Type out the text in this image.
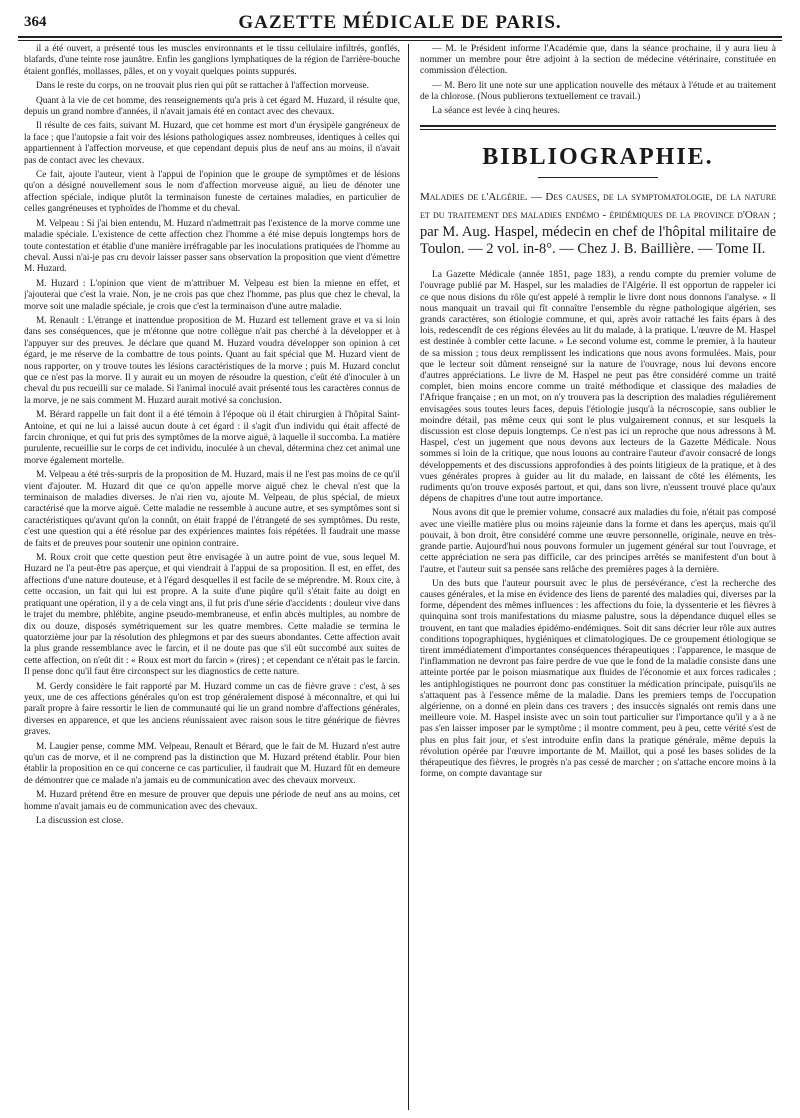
364	GAZETTE MÉDICALE DE PARIS.

il a été ouvert, a présenté tous les muscles environnants et le tissu cellulaire infiltrés, gonflés, blafards, d'une teinte rose jaunâtre. Enfin les ganglions lymphatiques de la région de l'arrière-bouche étaient gonflés, mollasses, pâles, et on y voyait quelques points suppurés.

Dans le reste du corps, on ne trouvait plus rien qui pût se rattacher à l'affection morveuse.

Quant à la vie de cet homme, des renseignements qu'a pris à cet égard M. Huzard, il résulte que, depuis un grand nombre d'années, il n'avait jamais été en contact avec des chevaux.

Il résulte de ces faits, suivant M. Huzard, que cet homme est mort d'un érysipèle gangréneux de la face ; que l'autopsie a fait voir des lésions pathologiques assez nombreuses, identiques à celles qui appartiennent à l'affection morveuse, et que cependant depuis plus de neuf ans au moins, il n'avait pas de contact avec les chevaux.

Ce fait, ajoute l'auteur, vient à l'appui de l'opinion que le groupe de symptômes et de lésions qu'on a désigné nouvellement sous le nom d'affection morveuse aiguë, au lieu de dénoter une affection spéciale, indique plutôt la terminaison funeste de certaines maladies, en particulier de celles gangréneuses et typhoïdes de l'homme et du cheval.

M. Velpeau : Si j'ai bien entendu, M. Huzard n'admettrait pas l'existence de la morve comme une maladie spéciale. L'existence de cette affection chez l'homme a été mise depuis longtemps hors de toute contestation et établie d'une manière irréfragable par les inoculations pratiquées de l'homme au cheval. Aussi n'ai-je pas cru devoir laisser passer sans observation la proposition que vient d'émettre M. Huzard.

M. Huzard : L'opinion que vient de m'attribuer M. Velpeau est bien la mienne en effet, et j'ajouterai que c'est la vraie. Non, je ne crois pas que chez l'homme, pas plus que chez le cheval, la morve soit une maladie spéciale, je crois que c'est la terminaison d'une autre maladie.

M. Renault : L'étrange et inattendue proposition de M. Huzard est tellement grave et va si loin dans ses conséquences, que je m'étonne que notre collègue n'ait pas cherché à la développer et à l'appuyer sur des preuves. Je déclare que quand M. Huzard voudra développer son opinion à cet égard, je me réserve de la combattre de tous points. Quant au fait spécial que M. Huzard vient de nous rapporter, on y trouve toutes les lésions caractéristiques de la morve ; puis M. Huzard conclut que ce n'est pas la morve. Il y aurait eu un moyen de résoudre la question, c'eût été d'inoculer à un cheval du pus recueilli sur ce malade. Si l'animal inoculé avait présenté tous les caractères connus de la morve, je ne sais comment M. Huzard aurait motivé sa conclusion.

M. Bérard rappelle un fait dont il a été témoin à l'époque où il était chirurgien à l'hôpital Saint-Antoine, et qui ne lui a laissé aucun doute à cet égard : il s'agit d'un individu qui était affecté de farcin chronique, et qui fut pris des symptômes de la morve aiguë, à laquelle il succomba. La matière purulente, recueillie sur le corps de cet individu, inoculée à un cheval, détermina chez cet animal une morve également mortelle.

M. Velpeau a été très-surpris de la proposition de M. Huzard, mais il ne l'est pas moins de ce qu'il vient d'ajouter. M. Huzard dit que ce qu'on appelle morve aiguë chez le cheval n'est que la terminaison de maladies diverses. Je n'ai rien vu, ajoute M. Velpeau, de plus spécial, de mieux caractérisé que la morve aiguë. Cette maladie ne ressemble à aucune autre, et ses symptômes sont si caractéristiques qu'avant qu'on la connût, on était frappé de l'étrangeté de ses symptômes. Du reste, c'est une question qui a été résolue par des expériences maintes fois répétées. Il faudrait une masse de faits et de preuves pour soutenir une opinion contraire.

M. Roux croit que cette question peut être envisagée à un autre point de vue, sous lequel M. Huzard ne l'a peut-être pas aperçue, et qui viendrait à l'appui de sa proposition. Il est, en effet, des affections d'une nature douteuse, et à l'égard desquelles il est facile de se méprendre. M. Roux cite, à cette occasion, un fait qui lui est propre. A la suite d'une piqûre qu'il s'était faite au doigt en pratiquant une opération, il y a de cela vingt ans, il fut pris d'une série d'accidents : douleur vive dans le trajet du membre, phlébite, angine pseudo-membraneuse, et enfin abcès multiples, au nombre de dix ou douze, disposés symétriquement sur les quatre membres. Cette maladie se termina le quatorzième jour par la résolution des phlegmons et par des sueurs abondantes. Cette affection avait la plus grande ressemblance avec le farcin, et il ne doute pas que s'il eût succombé aux suites de cette affection, on n'eût dit : « Roux est mort du farcin » (rires) ; et cependant ce n'était pas le farcin. Il pense donc qu'il faut être circonspect sur les diagnostics de cette nature.

M. Gerdy considère le fait rapporté par M. Huzard comme un cas de fièvre grave : c'est, à ses yeux, une de ces affections générales qu'on est trop généralement disposé à méconnaître, et qui lui paraît propre à faire ressortir le lien de communauté qui lie un grand nombre d'affections générales, diverses en apparence, et que les anciens réunissaient avec raison sous le titre générique de fièvres graves.

M. Laugier pense, comme MM. Velpeau, Renault et Bérard, que le fait de M. Huzard n'est autre qu'un cas de morve, et il ne comprend pas la distinction que M. Huzard prétend établir. Pour bien établir la proposition en ce qui concerne ce cas particulier, il faudrait que M. Huzard fût en demeure de démontrer que ce malade n'a jamais eu de communication avec des chevaux morveux.

M. Huzard prétend être en mesure de prouver que depuis une période de neuf ans au moins, cet homme n'avait jamais eu de communication avec des chevaux.

La discussion est close.

— M. le Président informe l'Académie que, dans la séance prochaine, il y aura lieu à nommer un membre pour être adjoint à la section de médecine vétérinaire, constituée en commission d'élection.

— M. Bero lit une note sur une application nouvelle des métaux à l'étude et au traitement de la chlorose. (Nous publierons textuellement ce travail.)

La séance est levée à cinq heures.

BIBLIOGRAPHIE.
Maladies de l'Algérie. — Des causes, de la symptomatologie, de la nature et du traitement des maladies endémo - épidémiques de la province d'Oran ; par M. Aug. Haspel, médecin en chef de l'hôpital militaire de Toulon. — 2 vol. in-8°. — Chez J. B. Baillière. — Tome II.

La Gazette Médicale (année 1851, page 183), a rendu compte du premier volume de l'ouvrage publié par M. Haspel, sur les maladies de l'Algérie. Il est opportun de rappeler ici ce que nous disions du rôle qu'est appelé à remplir le livre dont nous donnons l'analyse. « Il nous manquait un travail qui fît connaître l'ensemble du règne pathologique algérien, ses grands caractères, son étiologie commune, et qui, après avoir rattaché les faits épars à des lois, redescendît de ces régions élevées au lit du malade, à la pratique. L'œuvre de M. Haspel est destinée à combler cette lacune. » Le second volume est, comme le premier, à la hauteur de sa mission ; tous deux remplissent les indications que nous avons formulées. Mais, pour que le lecteur soit dûment renseigné sur la nature de l'ouvrage, nous lui devons encore d'autres appréciations. Le livre de M. Haspel ne peut pas être considéré comme un traité complet, bien moins encore comme un traité méthodique et classique des maladies de l'Afrique française ; en un mot, on n'y trouvera pas la description des maladies régulièrement envisagées sous toutes leurs faces, depuis l'étiologie jusqu'à la nécroscopie, sans oublier le moindre détail, pas même ceux qui sont le plus vulgairement connus, et sur lesquels la discussion est close depuis longtemps. Ce n'est pas ici un reproche que nous adressons à M. Haspel, c'est un jugement que nous devons aux lecteurs de la Gazette Médicale. Nous sommes si loin de la critique, que nous louons au contraire l'auteur d'avoir consacré de longs développements et des discussions approfondies à des points litigieux de la pratique, et à des vues générales propres à guider au lit du malade, en laissant de côté les éléments, les rudiments qu'on trouve exposés partout, et qui, dans son livre, n'eussent trouvé place qu'aux dépens de chapitres d'une tout autre importance.

Nous avons dit que le premier volume, consacré aux maladies du foie, n'était pas composé avec une vieille matière plus ou moins rajeunie dans la forme et dans les aperçus, mais qu'il pouvait, à bon droit, être considéré comme une œuvre personnelle, originale, neuve en très-grande partie. Aujourd'hui nous pouvons formuler un jugement général sur tout l'ouvrage, et cette appréciation ne sera pas difficile, car des principes arrêtés se manifestent d'un bout à l'autre, et l'auteur suit sa pensée sans relâche des premières pages à la dernière.

Un des buts que l'auteur poursuit avec le plus de persévérance, c'est la recherche des causes générales, et la mise en évidence des liens de parenté des maladies qui, diverses par la forme, dépendent des mêmes influences : les affections du foie, la dyssenterie et les fièvres à quinquina sont trois manifestations du miasme palustre, sous la dépendance duquel elles se trouvent, en tant que maladies épidémo-endémiques. Soit dit sans décrier leur rôle aux autres conditions topographiques, hygiéniques et climatologiques. De ce groupement étiologique se tirent immédiatement d'importantes conséquences thérapeutiques : l'apparence, le masque de l'inflammation ne devront pas faire perdre de vue que le fond de la maladie consiste dans une atteinte portée par le poison miasmatique aux fluides de l'économie et aux forces radicales ; les antiphlogistiques ne pourront donc pas constituer la médication principale, puisqu'ils ne s'attaquent pas à l'essence même de la maladie. Dans les premiers temps de l'occupation algérienne, on a donné en plein dans ces travers ; des insuccès signalés ont remis dans une meilleure voie. M. Haspel insiste avec un soin tout particulier sur l'importance qu'il y a à ne pas s'en laisser imposer par le symptôme ; il montre comment, peu à peu, cette vérité s'est de plus en plus fait jour, et s'est introduite enfin dans la pratique générale, même depuis la révolution opérée par l'œuvre importante de M. Maillot, qui a posé les bases solides de la thérapeutique des fièvres, le progrès n'a pas cessé de marcher ; on s'attache encore moins à la forme, on compte davantage sur
